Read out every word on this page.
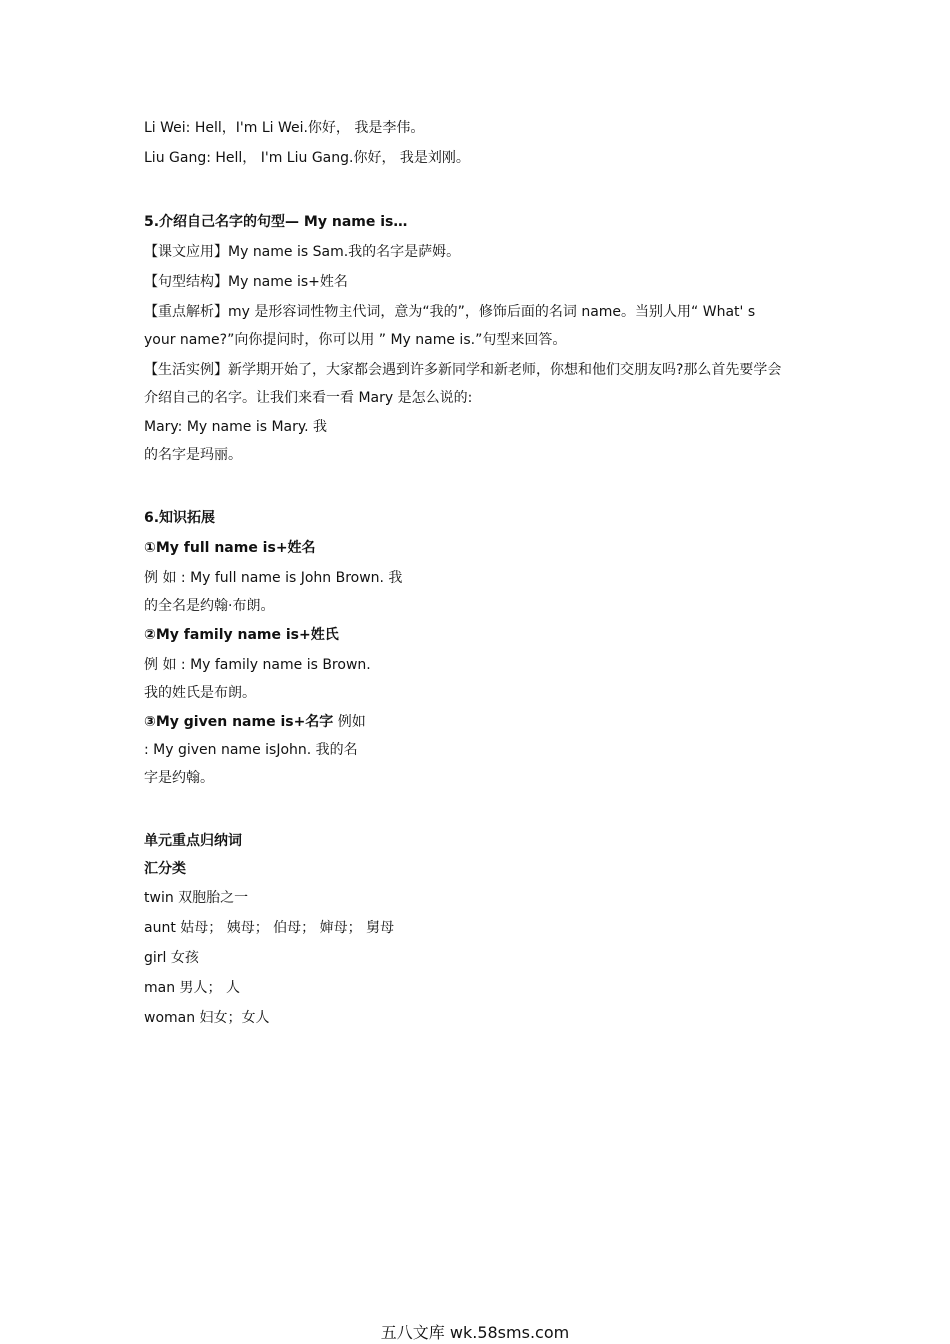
Li Wei: Hell，I'm Li Wei.你好， 我是李伟。
Liu Gang: Hell， I'm Liu Gang.你好， 我是刘刚。
5.介绍自己名字的句型— My name is…
【课文应用】My name is Sam.我的名字是萨姆。
【句型结构】My name is+姓名
【重点解析】my 是形容词性物主代词，意为“我的”，修饰后面的名词 name。当别人用“ What' s
your name?”向你提问时，你可以用 ” My name is.”句型来回答。
【生活实例】新学期开始了，大家都会遇到许多新同学和新老师，你想和他们交朋友吗?那么首先要学会
介绍自己的名字。让我们来看一看 Mary 是怎么说的:
Mary: My name is Mary. 我
的名字是玛丽。
6.知识拓展
①My full name is+姓名
例 如 : My full name is John Brown. 我
的全名是约翰·布朗。
②My family name is+姓氏
例 如 : My family name is Brown.
我的姓氏是布朗。
③My given name is+名字 例如
: My given name isJohn. 我的名
字是约翰。
单元重点归纳词
汇分类
twin 双胞胎之一
aunt 姑母； 姨母； 伯母； 婶母； 舅母
girl 女孩
man 男人； 人
woman 妇女；女人
五八文库 wk.58sms.com
